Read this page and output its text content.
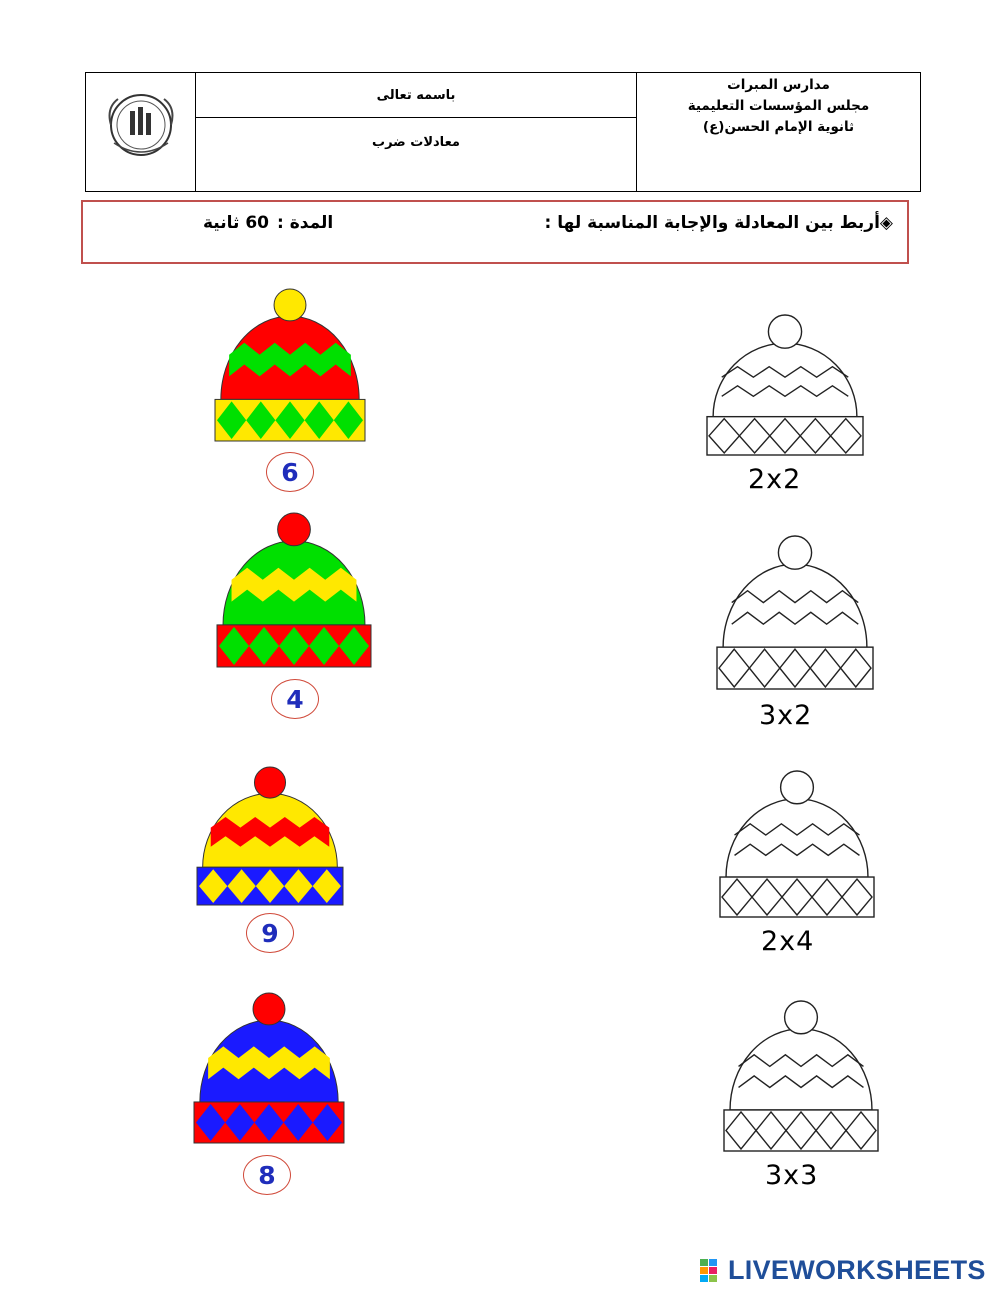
باسمه تعالى
معادلات ضرب
مدارس المبرات
مجلس المؤسسات التعليمية
ثانوية الإمام الحسن(ع)
◈أربط بين المعادلة والإجابة المناسبة لها :
المدة :60 ثانية
6
4
9
8
2x2
3x2
2x4
3x3
LIVEWORKSHEETS
